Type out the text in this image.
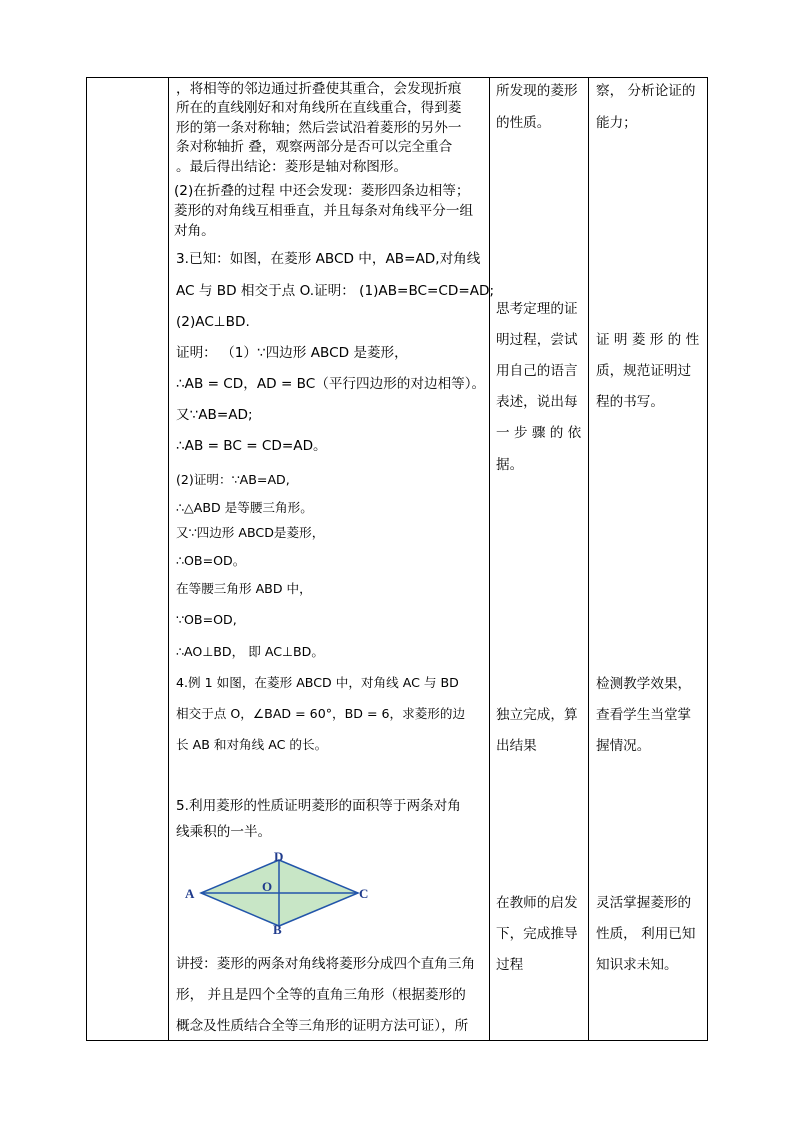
，将相等的邻边通过折叠使其重合，会发现折痕
所在的直线刚好和对角线所在直线重合，得到菱
形的第一条对称轴；然后尝试沿着菱形的另外一
条对称轴折 叠，观察两部分是否可以完全重合
。最后得出结论：菱形是轴对称图形。
(2)在折叠的过程 中还会发现：菱形四条边相等；
菱形的对角线互相垂直，并且每条对角线平分一组
对角。
3.已知：如图，在菱形 ABCD 中，AB=AD,对角线
AC 与 BD 相交于点 O.证明： (1)AB=BC=CD=AD;
(2)AC⊥BD.
证明： （1）∵四边形 ABCD 是菱形，
∴AB = CD，AD = BC（平行四边形的对边相等）。
又∵AB=AD;
∴AB = BC = CD=AD。
(2)证明：∵AB=AD,
∴△ABD 是等腰三角形。
又∵四边形 ABCD是菱形，
∴OB=OD。
在等腰三角形 ABD 中，
∵OB=OD,
∴AO⊥BD， 即 AC⊥BD。
4.例 1 如图，在菱形 ABCD 中，对角线 AC 与 BD
相交于点 O，∠BAD = 60°，BD = 6，求菱形的边
长 AB 和对角线 AC 的长。
5.利用菱形的性质证明菱形的面积等于两条对角
线乘积的一半。
A
D
C
B
O
讲授：菱形的两条对角线将菱形分成四个直角三角
形， 并且是四个全等的直角三角形（根据菱形的
概念及性质结合全等三角形的证明方法可证），所
所发现的菱形
的性质。
思考定理的证
明过程，尝试
用自己的语言
表述，说出每
一 步 骤 的 依
据。
独立完成，算
出结果
在教师的启发
下，完成推导
过程
察， 分析论证的
能力；
证 明 菱 形 的 性
质，规范证明过
程的书写。
检测教学效果，
查看学生当堂掌
握情况。
灵活掌握菱形的
性质， 利用已知
知识求未知。
